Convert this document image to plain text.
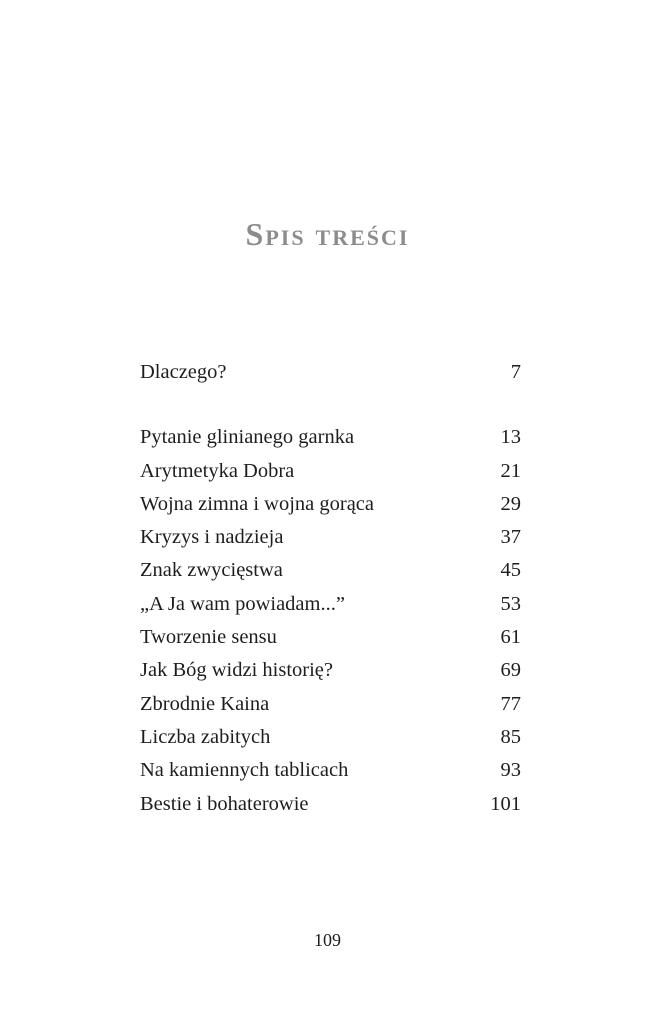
Spis treści
Dlaczego?	7
Pytanie glinianego garnka	13
Arytmetyka Dobra	21
Wojna zimna i wojna gorąca	29
Kryzys i nadzieja	37
Znak zwycięstwa	45
„A Ja wam powiadam...”	53
Tworzenie sensu	61
Jak Bóg widzi historię?	69
Zbrodnie Kaina	77
Liczba zabitych	85
Na kamiennych tablicach	93
Bestie i bohaterowie	101
109
